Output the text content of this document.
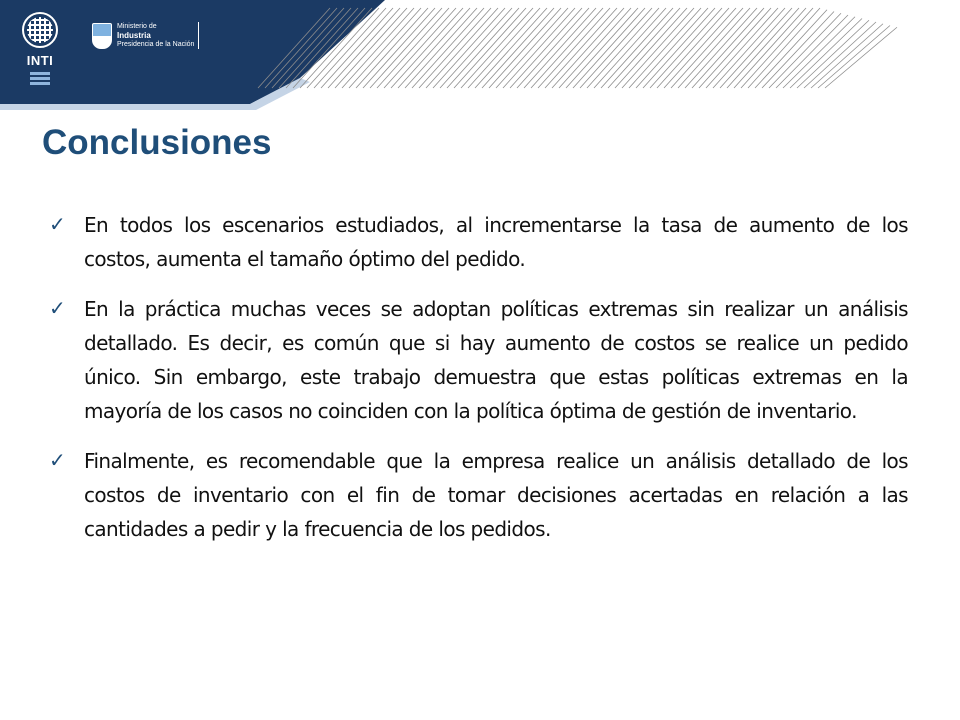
INTI
Ministerio de
Industria
Presidencia de la Nación
Conclusiones
✓ En todos los escenarios estudiados, al incrementarse la tasa de aumento de los costos, aumenta el tamaño óptimo del pedido.

✓ En la práctica muchas veces se adoptan políticas extremas sin realizar un análisis detallado. Es decir, es común que si hay aumento de costos se realice un pedido único. Sin embargo, este trabajo demuestra que estas políticas extremas en la mayoría de los casos no coinciden con la política óptima de gestión de inventario.

✓ Finalmente, es recomendable que la empresa realice un análisis detallado de los costos de inventario con el fin de tomar decisiones acertadas en relación a las cantidades a pedir y la frecuencia de los pedidos.
